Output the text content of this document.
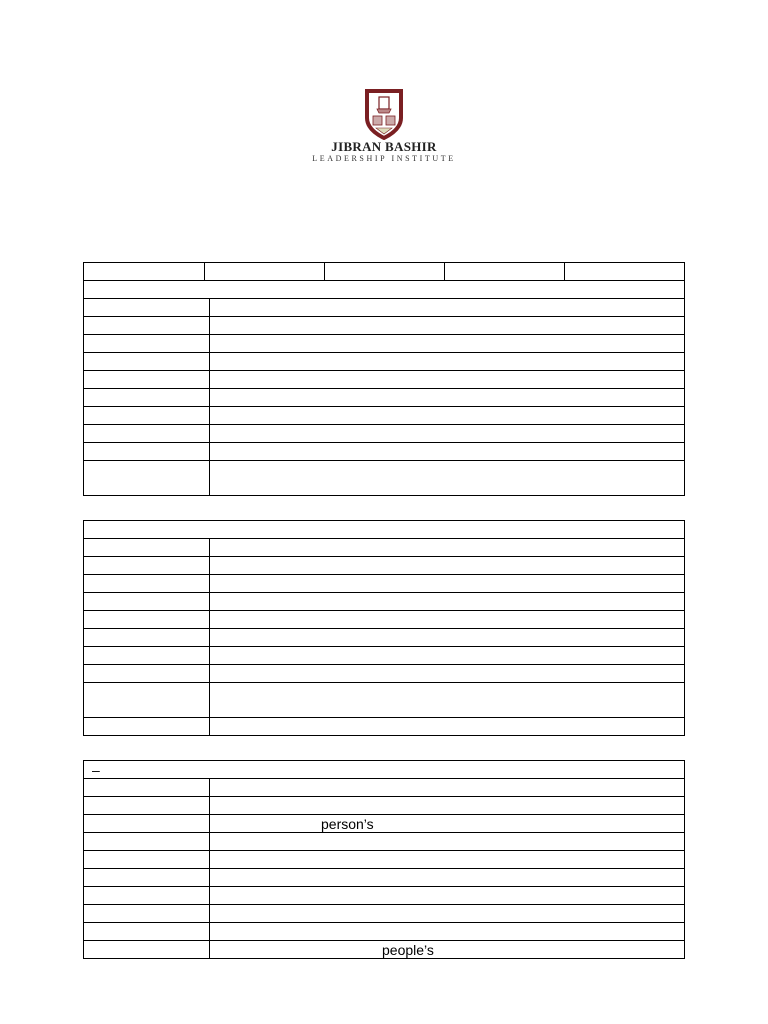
JIBRAN BASHIR
LEADERSHIP INSTITUTE

–	

	person’s

	people’s
